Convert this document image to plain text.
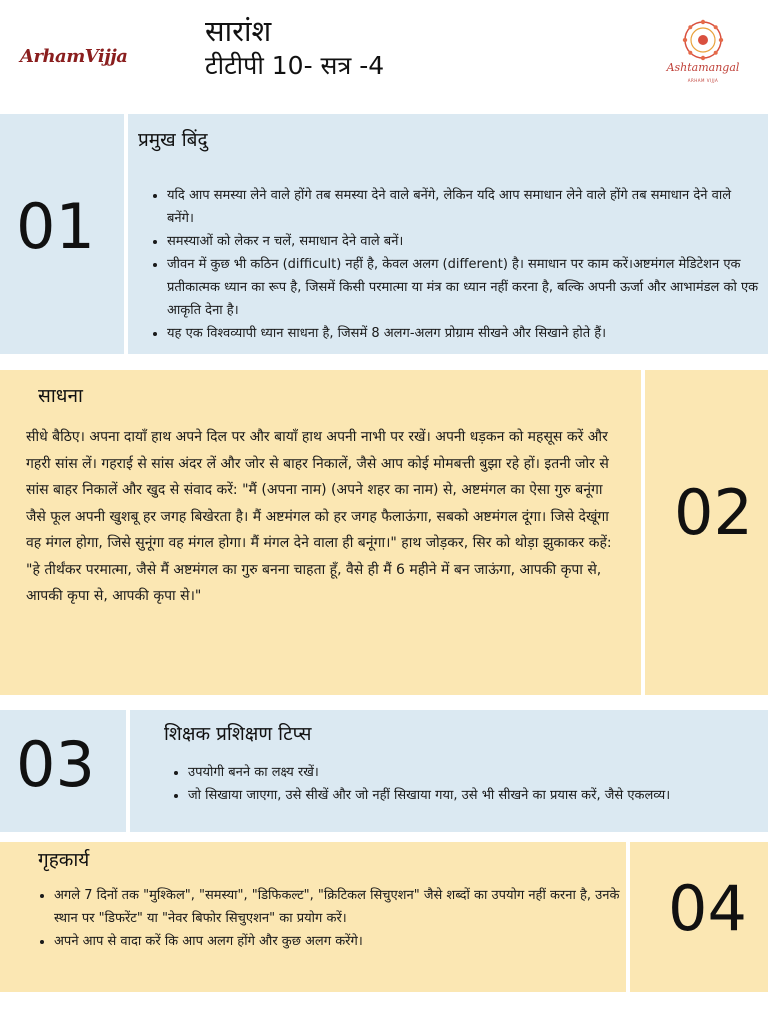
ArhamVijja
सारांश
टीटीपी 10- सत्र -4	Ashtamangal
ARHAM VIJJA
01
प्रमुख बिंदु
• यदि आप समस्या लेने वाले होंगे तब समस्या देने वाले बनेंगे, लेकिन यदि आप समाधान लेने वाले होंगे तब समाधान देने वाले बनेंगे।
• समस्याओं को लेकर न चलें, समाधान देने वाले बनें।
• जीवन में कुछ भी कठिन (difficult) नहीं है, केवल अलग (different) है। समाधान पर काम करें।अष्टमंगल मेडिटेशन एक प्रतीकात्मक ध्यान का रूप है, जिसमें किसी परमात्मा या मंत्र का ध्यान नहीं करना है, बल्कि अपनी ऊर्जा और आभामंडल को एक आकृति देना है।
• यह एक विश्वव्यापी ध्यान साधना है, जिसमें 8 अलग-अलग प्रोग्राम सीखने और सिखाने होते हैं।
साधना

सीधे बैठिए। अपना दायाँ हाथ अपने दिल पर और बायाँ हाथ अपनी नाभी पर रखें। अपनी धड़कन को महसूस करें और गहरी सांस लें। गहराई से सांस अंदर लें और जोर से बाहर निकालें, जैसे आप कोई मोमबत्ती बुझा रहे हों। इतनी जोर से सांस बाहर निकालें और खुद से संवाद करें: "मैं (अपना नाम) (अपने शहर का नाम) से, अष्टमंगल का ऐसा गुरु बनूंगा जैसे फूल अपनी खुशबू हर जगह बिखेरता है। मैं अष्टमंगल को हर जगह फैलाऊंगा, सबको अष्टमंगल दूंगा। जिसे देखूंगा वह मंगल होगा, जिसे सुनूंगा वह मंगल होगा। मैं मंगल देने वाला ही बनूंगा।" हाथ जोड़कर, सिर को थोड़ा झुकाकर कहें: "हे तीर्थंकर परमात्मा, जैसे मैं अष्टमंगल का गुरु बनना चाहता हूँ, वैसे ही मैं 6 महीने में बन जाऊंगा, आपकी कृपा से, आपकी कृपा से, आपकी कृपा से।"

02
03	शिक्षक प्रशिक्षण टिप्स
• उपयोगी बनने का लक्ष्य रखें।
• जो सिखाया जाएगा, उसे सीखें और जो नहीं सिखाया गया, उसे भी सीखने का प्रयास करें, जैसे एकलव्य।
गृहकार्य
• अगले 7 दिनों तक "मुश्किल", "समस्या", "डिफिकल्ट", "क्रिटिकल सिचुएशन" जैसे शब्दों का उपयोग नहीं करना है, उनके स्थान पर "डिफरेंट" या "नेवर बिफोर सिचुएशन" का प्रयोग करें।
• अपने आप से वादा करें कि आप अलग होंगे और कुछ अलग करेंगे।	04
